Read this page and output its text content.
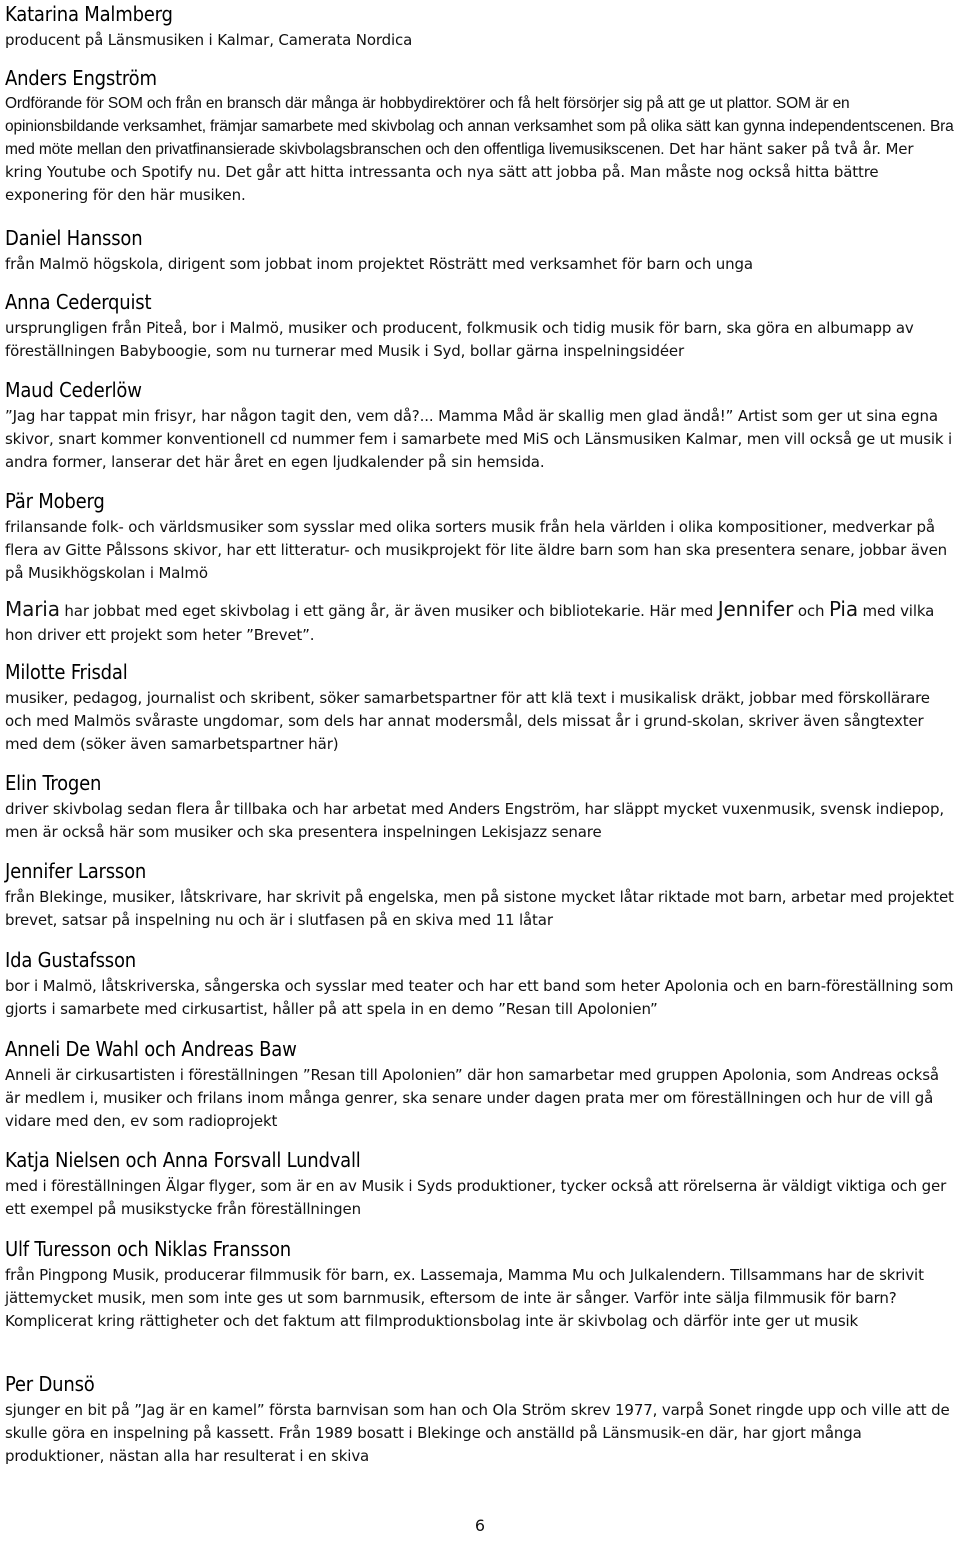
Katarina Malmberg

producent på Länsmusiken i Kalmar, Camerata Nordica

Anders Engström

Ordförande för SOM och från en bransch där många är hobbydirektörer och få helt försörjer sig på att ge ut plattor. SOM är en opinionsbildande verksamhet, främjar samarbete med skivbolag och annan verksamhet som på olika sätt kan gynna independentscenen. Bra med möte mellan den privatfinansierade skivbolagsbranschen och den offentliga livemusikscenen. Det har hänt saker på två år. Mer kring Youtube och Spotify nu. Det går att hitta intressanta och nya sätt att jobba på. Man måste nog också hitta bättre exponering för den här musiken.

Daniel Hansson

från Malmö högskola, dirigent som jobbat inom projektet Rösträtt med verksamhet för barn och unga

Anna Cederquist

ursprungligen från Piteå, bor i Malmö, musiker och producent, folkmusik och tidig musik för barn, ska göra en albumapp av föreställningen Babyboogie, som nu turnerar med Musik i Syd, bollar gärna inspelningsidéer

Maud Cederlöw

”Jag har tappat min frisyr, har någon tagit den, vem då?... Mamma Måd är skallig men glad ändå!” Artist som ger ut sina egna skivor, snart kommer konventionell cd nummer fem i samarbete med MiS och Länsmusiken Kalmar, men vill också ge ut musik i andra former, lanserar det här året en egen ljudkalender på sin hemsida.

Pär Moberg

frilansande folk- och världsmusiker som sysslar med olika sorters musik från hela världen i olika kompositioner, medverkar på flera av Gitte Pålssons skivor, har ett litteratur- och musikprojekt för lite äldre barn som han ska presentera senare, jobbar även på Musikhögskolan i Malmö

Maria har jobbat med eget skivbolag i ett gäng år, är även musiker och bibliotekarie. Här med Jennifer och Pia med vilka hon driver ett projekt som heter ”Brevet”.

Milotte Frisdal

musiker, pedagog, journalist och skribent, söker samarbetspartner för att klä text i musikalisk dräkt, jobbar med förskollärare och med Malmös svåraste ungdomar, som dels har annat modersmål, dels missat år i grund-skolan, skriver även sångtexter med dem (söker även samarbetspartner här)

Elin Trogen

driver skivbolag sedan flera år tillbaka och har arbetat med Anders Engström, har släppt mycket vuxenmusik, svensk indiepop, men är också här som musiker och ska presentera inspelningen Lekisjazz senare

Jennifer Larsson

från Blekinge, musiker, låtskrivare, har skrivit på engelska, men på sistone mycket låtar riktade mot barn, arbetar med projektet brevet, satsar på inspelning nu och är i slutfasen på en skiva med 11 låtar

Ida Gustafsson

bor i Malmö, låtskriverska, sångerska och sysslar med teater och har ett band som heter Apolonia och en barn-föreställning som gjorts i samarbete med cirkusartist, håller på att spela in en demo ”Resan till Apolonien”

Anneli De Wahl och Andreas Baw

Anneli är cirkusartisten i föreställningen ”Resan till Apolonien” där hon samarbetar med gruppen Apolonia, som Andreas också är medlem i, musiker och frilans inom många genrer, ska senare under dagen prata mer om föreställningen och hur de vill gå vidare med den, ev som radioprojekt

Katja Nielsen och Anna Forsvall Lundvall

med i föreställningen Älgar flyger, som är en av Musik i Syds produktioner, tycker också att rörelserna är väldigt viktiga och ger ett exempel på musikstycke från föreställningen

Ulf Turesson och Niklas Fransson

från Pingpong Musik, producerar filmmusik för barn, ex. Lassemaja, Mamma Mu och Julkalendern. Tillsammans har de skrivit jättemycket musik, men som inte ges ut som barnmusik, eftersom de inte är sånger. Varför inte sälja filmmusik för barn? Komplicerat kring rättigheter och det faktum att filmproduktionsbolag inte är skivbolag och därför inte ger ut musik

Per Dunsö

sjunger en bit på ”Jag är en kamel” första barnvisan som han och Ola Ström skrev 1977, varpå Sonet ringde upp och ville att de skulle göra en inspelning på kassett. Från 1989 bosatt i Blekinge och anställd på Länsmusik-en där, har gjort många produktioner, nästan alla har resulterat i en skiva

6
